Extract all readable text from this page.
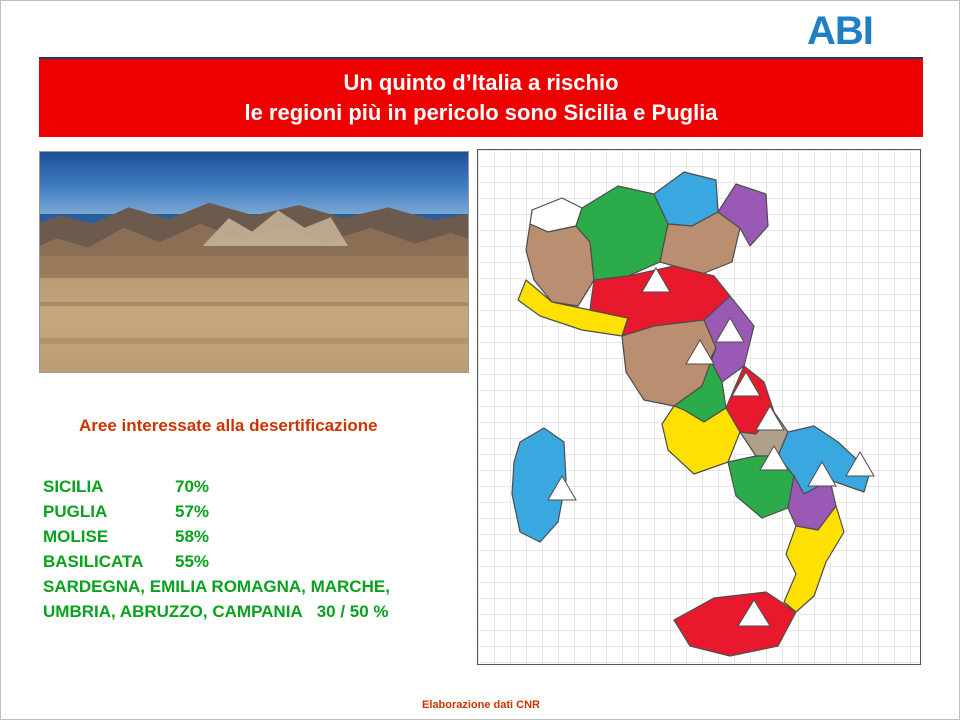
ABI
Un quinto d’Italia a rischio
le regioni più in pericolo sono Sicilia e Puglia
Aree interessate alla desertificazione
SICILIA	70%
PUGLIA	57%
MOLISE	58%
BASILICATA	55%
SARDEGNA, EMILIA ROMAGNA, MARCHE,
UMBRIA, ABRUZZO, CAMPANIA 30 / 50 %
Elaborazione dati CNR
